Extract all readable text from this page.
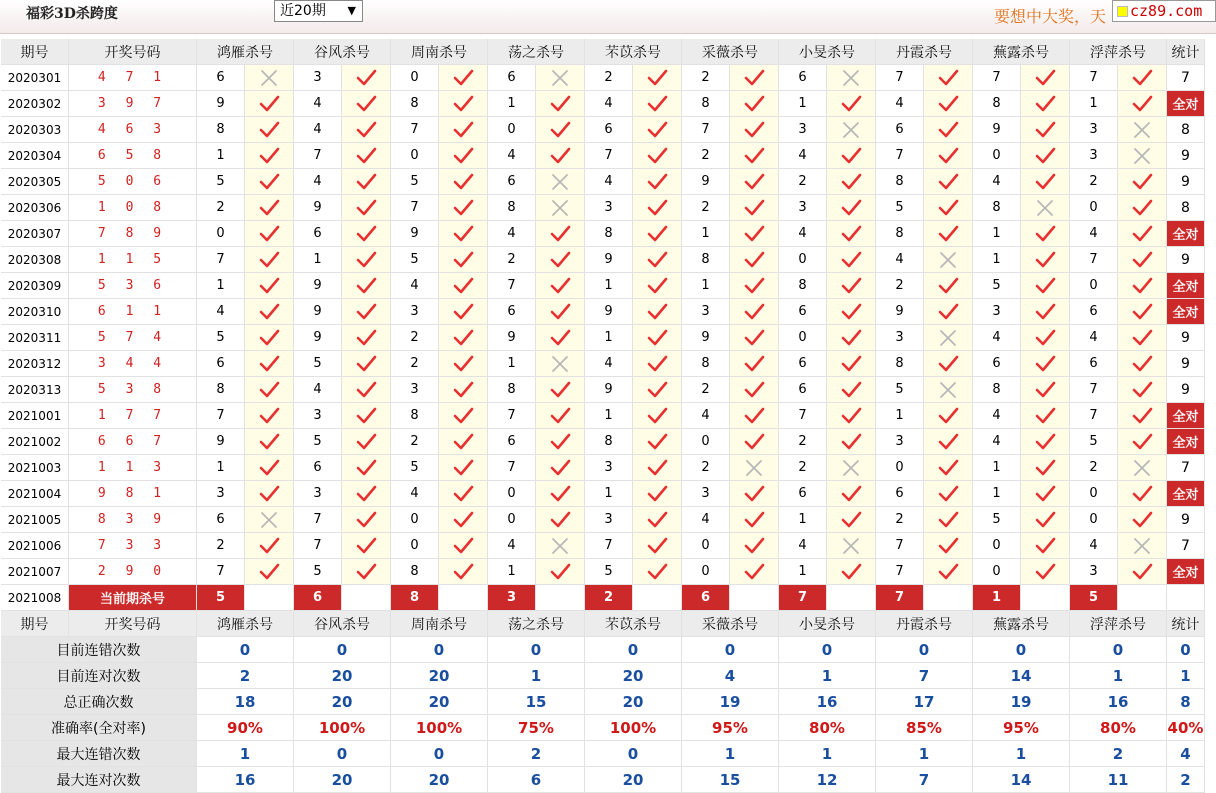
福彩3D杀跨度	近20期 ▼	要想中大奖，天	cz89.com
期号	开奖号码	鸿雁杀号	谷风杀号	周南杀号	荡之杀号	芣苡杀号	采薇杀号	小旻杀号	丹霞杀号	蕪露杀号	浮萍杀号	统计
2020301	4 7 1	6	3	0	6	2	2	6	7	7	7	7
2020302	3 9 7	9	4	8	1	4	8	1	4	8	1	全对
2020303	4 6 3	8	4	7	0	6	7	3	6	9	3	8
2020304	6 5 8	1	7	0	4	7	2	4	7	0	3	9
2020305	5 0 6	5	4	5	6	4	9	2	8	4	2	9
2020306	1 0 8	2	9	7	8	3	2	3	5	8	0	8
2020307	7 8 9	0	6	9	4	8	1	4	8	1	4	全对
2020308	1 1 5	7	1	5	2	9	8	0	4	1	7	9
2020309	5 3 6	1	9	4	7	1	1	8	2	5	0	全对
2020310	6 1 1	4	9	3	6	9	3	6	9	3	6	全对
2020311	5 7 4	5	9	2	9	1	9	0	3	4	4	9
2020312	3 4 4	6	5	2	1	4	8	6	8	6	6	9
2020313	5 3 8	8	4	3	8	9	2	6	5	8	7	9
2021001	1 7 7	7	3	8	7	1	4	7	1	4	7	全对
2021002	6 6 7	9	5	2	6	8	0	2	3	4	5	全对
2021003	1 1 3	1	6	5	7	3	2	2	0	1	2	7
2021004	9 8 1	3	3	4	0	1	3	6	6	1	0	全对
2021005	8 3 9	6	7	0	0	3	4	1	2	5	0	9
2021006	7 3 3	2	7	0	4	7	0	4	7	0	4	7
2021007	2 9 0	7	5	8	1	5	0	1	7	0	3	全对
2021008	当前期杀号	5	6	8	3	2	6	7	7	1	5
期号	开奖号码	鸿雁杀号	谷风杀号	周南杀号	荡之杀号	芣苡杀号	采薇杀号	小旻杀号	丹霞杀号	蕪露杀号	浮萍杀号	统计
目前连错次数	0	0	0	0	0	0	0	0	0	0	0
目前连对次数	2	20	20	1	20	4	1	7	14	1	1
总正确次数	18	20	20	15	20	19	16	17	19	16	8
准确率(全对率)	90%	100%	100%	75%	100%	95%	80%	85%	95%	80%	40%
最大连错次数	1	0	0	2	0	1	1	1	1	2	4
最大连对次数	16	20	20	6	20	15	12	7	14	11	2
